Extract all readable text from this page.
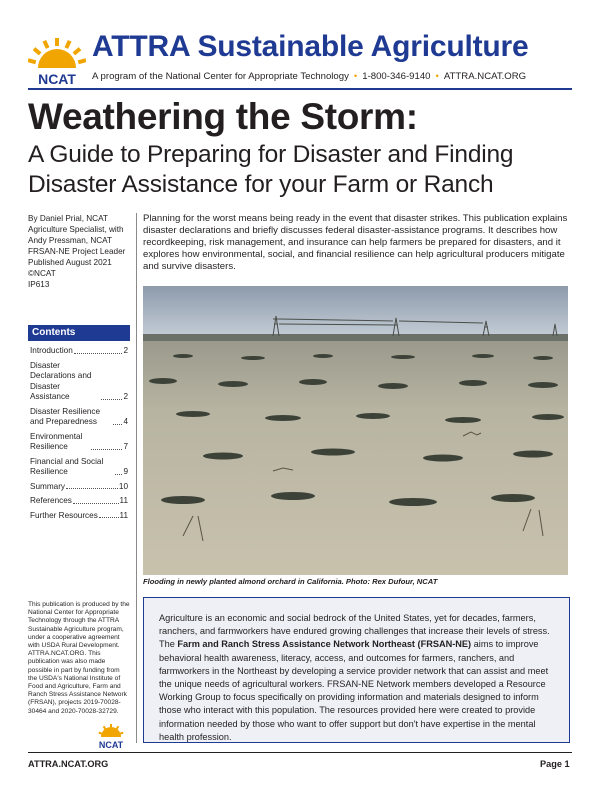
NCAT
ATTRA Sustainable Agriculture
A program of the National Center for Appropriate Technology • 1-800-346-9140 • ATTRA.NCAT.ORG
Weathering the Storm:
A Guide to Preparing for Disaster and Finding Disaster Assistance for your Farm or Ranch
By Daniel Prial, NCAT
Agriculture Specialist, with
Andy Pressman, NCAT
FRSAN-NE Project Leader
Published August 2021
©NCAT
IP613
Contents
Introduction	2
Disaster Declarations and Disaster Assistance	2
Disaster Resilience and Preparedness	4
Environmental Resilience	7
Financial and Social Resilience	9
Summary	10
References	11
Further Resources	11
This publication is produced by the National Center for Appropriate Technology through the ATTRA Sustainable Agriculture program, under a cooperative agreement with USDA Rural Development. ATTRA.NCAT.ORG. This publication was also made possible in part by funding from the USDA's National Institute of Food and Agriculture, Farm and Ranch Stress Assistance Network (FRSAN), projects 2019-70028-30464 and 2020-70028-32729.
NCAT
Planning for the worst means being ready in the event that disaster strikes. This publication explains disaster declarations and briefly discusses federal disaster-assistance programs. It describes how recordkeeping, risk management, and insurance can help farmers be prepared for disasters, and it explores how environmental, social, and financial resilience can help agricultural producers mitigate and survive disasters.
Flooding in newly planted almond orchard in California. Photo: Rex Dufour, NCAT

Agriculture is an economic and social bedrock of the United States, yet for decades, farmers, ranchers, and farmworkers have endured growing challenges that increase their levels of stress. The Farm and Ranch Stress Assistance Network Northeast (FRSAN-NE) aims to improve behavioral health awareness, literacy, access, and outcomes for farmers, ranchers, and farmworkers in the Northeast by developing a service provider network that can assist and meet the unique needs of agricultural workers. FRSAN-NE Network members developed a Resource Working Group to focus specifically on providing information and materials designed to inform those who interact with this population. The resources provided here were created to provide information needed by those who want to offer support but don't have expertise in the mental health profession.

ATTRA.NCAT.ORG	Page 1
